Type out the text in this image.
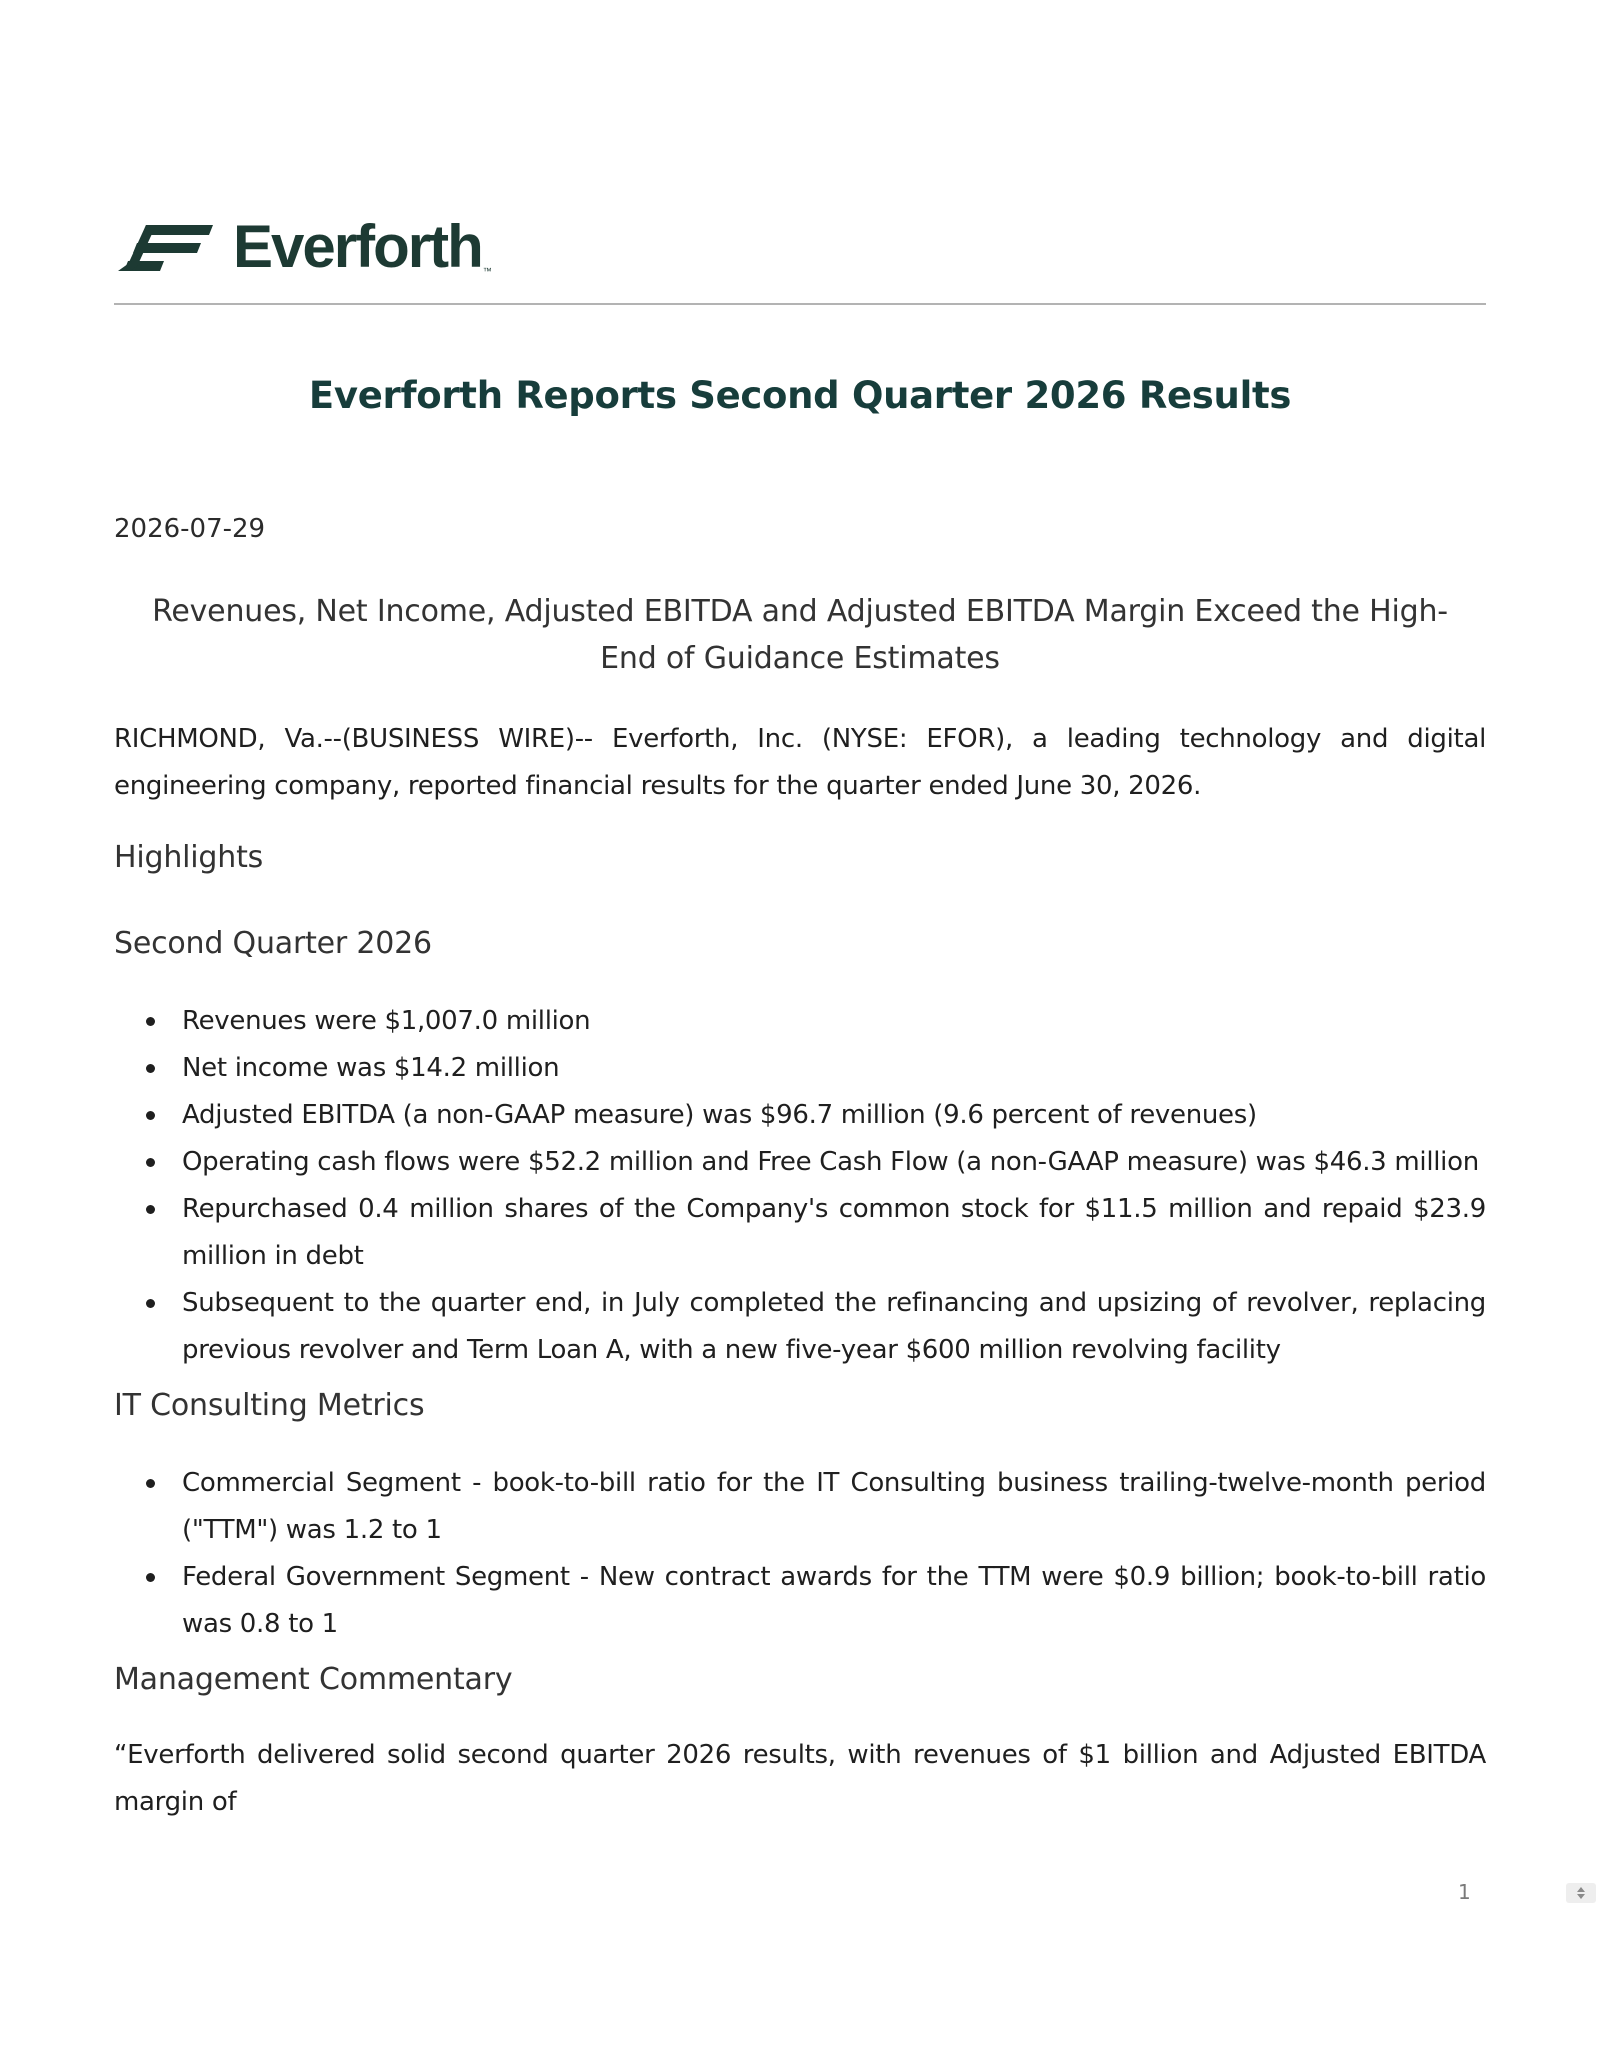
Everforth ™
Everforth Reports Second Quarter 2026 Results
2026-07-29

Revenues, Net Income, Adjusted EBITDA and Adjusted EBITDA Margin Exceed the High-End of Guidance Estimates

RICHMOND, Va.--(BUSINESS WIRE)-- Everforth, Inc. (NYSE: EFOR), a leading technology and digital engineering company, reported financial results for the quarter ended June 30, 2026.

Highlights
Second Quarter 2026
Revenues were $1,007.0 million
Net income was $14.2 million
Adjusted EBITDA (a non-GAAP measure) was $96.7 million (9.6 percent of revenues)
Operating cash flows were $52.2 million and Free Cash Flow (a non-GAAP measure) was $46.3 million
Repurchased 0.4 million shares of the Company's common stock for $11.5 million and repaid $23.9 million in debt
Subsequent to the quarter end, in July completed the refinancing and upsizing of revolver, replacing previous revolver and Term Loan A, with a new five-year $600 million revolving facility
IT Consulting Metrics
Commercial Segment - book-to-bill ratio for the IT Consulting business trailing-twelve-month period ("TTM") was 1.2 to 1
Federal Government Segment - New contract awards for the TTM were $0.9 billion; book-to-bill ratio was 0.8 to 1
Management Commentary

“Everforth delivered solid second quarter 2026 results, with revenues of $1 billion and Adjusted EBITDA margin of

1
